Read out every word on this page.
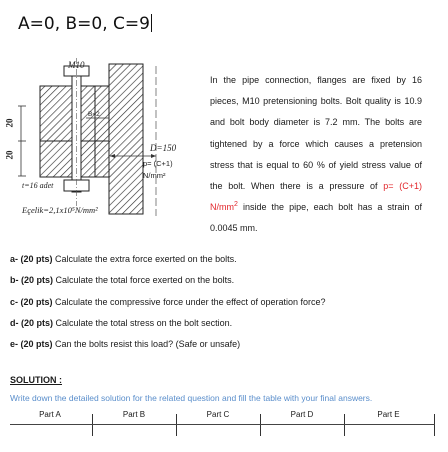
A=0, B=0, C=9
M10
B=2
20
20
D=150
p= (C+1)
N/mm²
t=16 adet
Eçelik=2,1x10⁵N/mm²
In the pipe connection, flanges are fixed by 16 pieces, M10 pretensioning bolts. Bolt quality is 10.9 and bolt body diameter is 7.2 mm. The bolts are tightened by a force which causes a pretension stress that is equal to 60 % of yield stress value of the bolt. When there is a pressure of p= (C+1) $N/mm^2$ inside the pipe, each bolt has a strain of 0.0045 mm.
a- (20 pts) Calculate the extra force exerted on the bolts.
b- (20 pts) Calculate the total force exerted on the bolts.
c- (20 pts) Calculate the compressive force under the effect of operation force?
d- (20 pts) Calculate the total stress on the bolt section.
e- (20 pts) Can the bolts resist this load? (Safe or unsafe)
SOLUTION :
Write down the detailed solution for the related question and fill the table with your final answers.
Part A	Part B	Part C	Part D	Part E
